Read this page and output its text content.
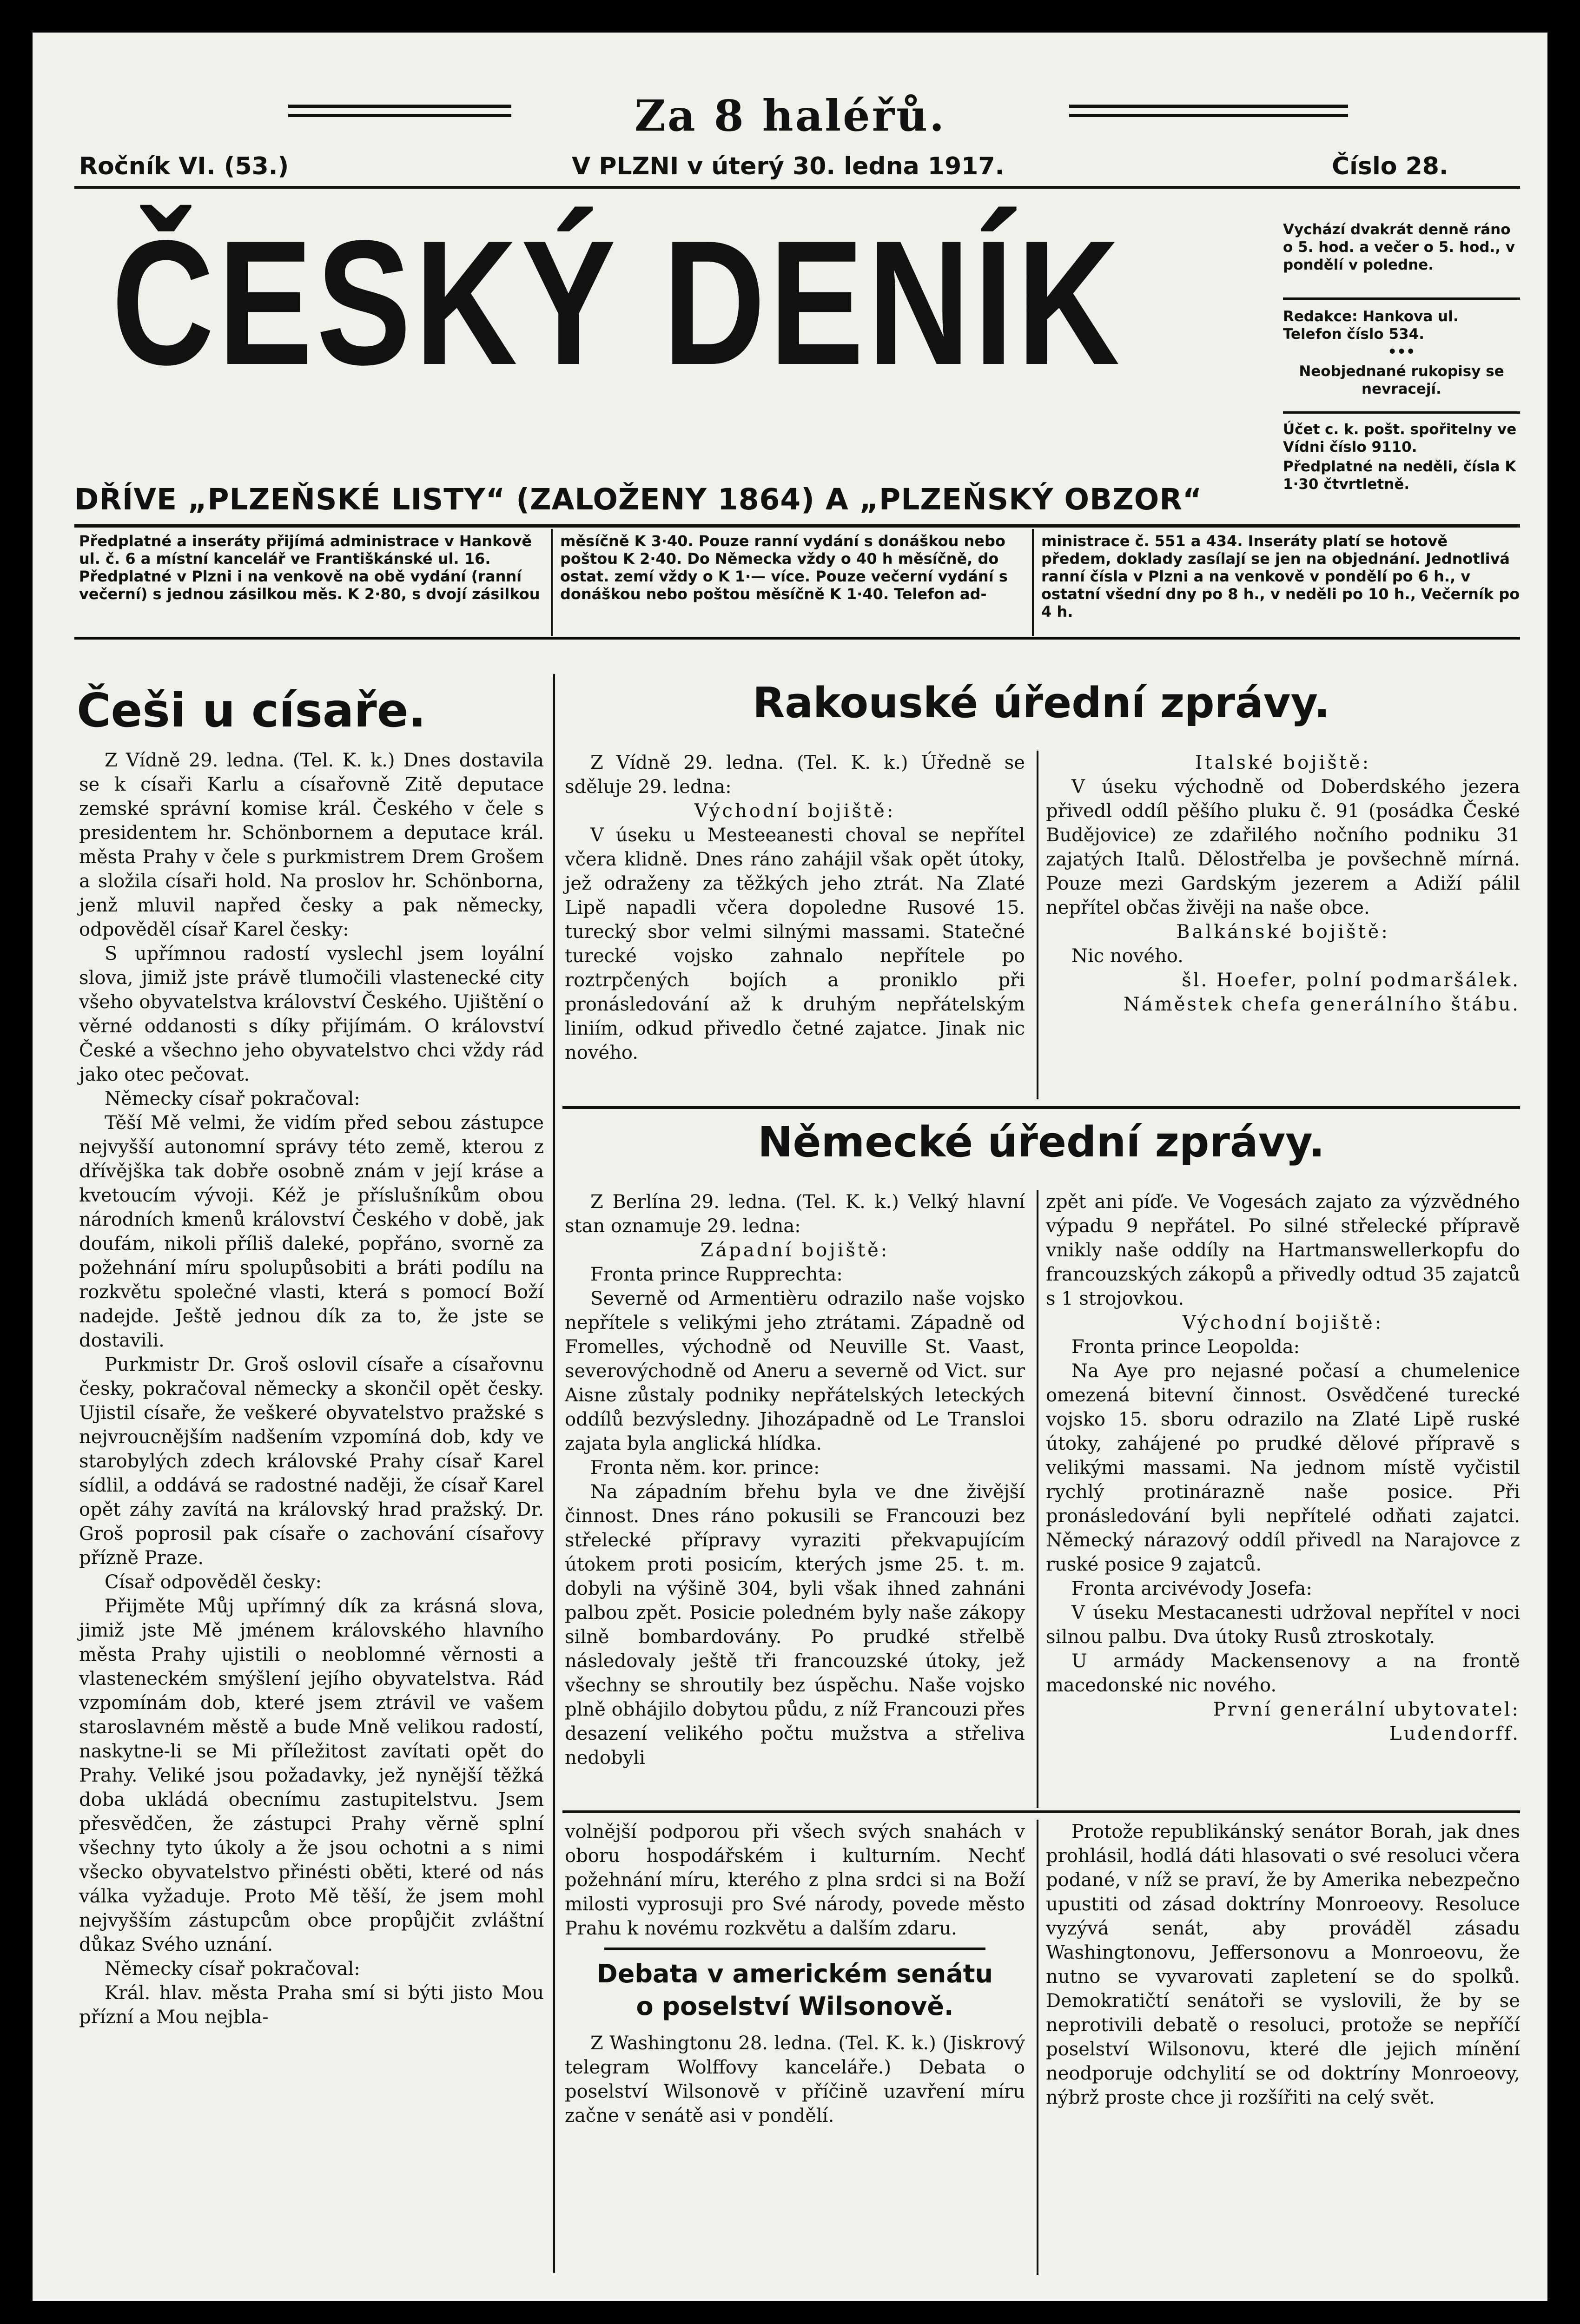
Za 8 haléřů.
Ročník VI. (53.)	V PLZNI v úterý 30. ledna 1917.	Číslo 28.
ČESKÝ DENÍK
DŘÍVE „PLZEŇSKÉ LISTY“ (ZALOŽENY 1864) A „PLZEŇSKÝ OBZOR“
Vychází dvakrát denně ráno o 5. hod. a večer o 5. hod., v pondělí v poledne.
Redakce: Hankova ul. Telefon číslo 534.
•••
Neobjednané rukopisy se nevracejí.
Účet c. k. pošt. spořitelny ve Vídni číslo 9110.
Předplatné na neděli, čísla K 1·30 čtvrtletně.
Předplatné a inseráty přijímá administrace v Hankově ul. č. 6 a místní kancelář ve Františkánské ul. 16. Předplatné v Plzni i na venkově na obě vydání (ranní večerní) s jednou zásilkou měs. K 2·80, s dvojí zásilkou
měsíčně K 3·40. Pouze ranní vydání s donáškou nebo poštou K 2·40. Do Německa vždy o 40 h měsíčně, do ostat. zemí vždy o K 1·— více. Pouze večerní vydání s donáškou nebo poštou měsíčně K 1·40. Telefon ad-
ministrace č. 551 a 434. Inseráty platí se hotově předem, doklady zasílají se jen na objednání. Jednotlivá ranní čísla v Plzni a na venkově v pondělí po 6 h., v ostatní všední dny po 8 h., v neděli po 10 h., Večerník po 4 h.
Češi u císaře.

Z Vídně 29. ledna. (Tel. K. k.) Dnes dostavila se k císaři Karlu a císařovně Zitě deputace zemské správní komise král. Českého v čele s presidentem hr. Schönbornem a deputace král. města Prahy v čele s purkmistrem Drem Grošem a složila císaři hold. Na proslov hr. Schönborna, jenž mluvil napřed česky a pak německy, odpověděl císař Karel česky:

S upřímnou radostí vyslechl jsem loyální slova, jimiž jste právě tlumočili vlastenecké city všeho obyvatelstva království Českého. Ujištění o věrné oddanosti s díky přijímám. O království České a všechno jeho obyvatelstvo chci vždy rád jako otec pečovat.

Německy císař pokračoval:

Těší Mě velmi, že vidím před sebou zástupce nejvyšší autonomní správy této země, kterou z dřívějška tak dobře osobně znám v její kráse a kvetoucím vývoji. Kéž je příslušníkům obou národních kmenů království Českého v době, jak doufám, nikoli příliš daleké, popřáno, svorně za požehnání míru spolupůsobiti a bráti podílu na rozkvětu společné vlasti, která s pomocí Boží nadejde. Ještě jednou dík za to, že jste se dostavili.

Purkmistr Dr. Groš oslovil císaře a císařovnu česky, pokračoval německy a skončil opět česky. Ujistil císaře, že veškeré obyvatelstvo pražské s nejvroucnějším nadšením vzpomíná dob, kdy ve starobylých zdech královské Prahy císař Karel sídlil, a oddává se radostné naději, že císař Karel opět záhy zavítá na královský hrad pražský. Dr. Groš poprosil pak císaře o zachování císařovy přízně Praze.

Císař odpověděl česky:

Přijměte Můj upřímný dík za krásná slova, jimiž jste Mě jménem královského hlavního města Prahy ujistili o neoblomné věrnosti a vlasteneckém smýšlení jejího obyvatelstva. Rád vzpomínám dob, které jsem ztrávil ve vašem staroslavném městě a bude Mně velikou radostí, naskytne-li se Mi příležitost zavítati opět do Prahy. Veliké jsou požadavky, jež nynější těžká doba ukládá obecnímu zastupitelstvu. Jsem přesvědčen, že zástupci Prahy věrně splní všechny tyto úkoly a že jsou ochotni a s nimi všecko obyvatelstvo přinésti oběti, které od nás válka vyžaduje. Proto Mě těší, že jsem mohl nejvyšším zástupcům obce propůjčit zvláštní důkaz Svého uznání.

Německy císař pokračoval:

Král. hlav. města Praha smí si býti jisto Mou přízní a Mou nejbla-

Rakouské úřední zprávy.

Z Vídně 29. ledna. (Tel. K. k.) Úředně se sděluje 29. ledna:

Východní bojiště:

V úseku u Mesteeanesti choval se nepřítel včera klidně. Dnes ráno zahájil však opět útoky, jež odraženy za těžkých jeho ztrát. Na Zlaté Lipě napadli včera dopoledne Rusové 15. turecký sbor velmi silnými massami. Statečné turecké vojsko zahnalo nepřítele po roztrpčených bojích a proniklo při pronásledování až k druhým nepřátelským liniím, odkud přivedlo četné zajatce. Jinak nic nového.

Italské bojiště:

V úseku východně od Doberdského jezera přivedl oddíl pěšího pluku č. 91 (posádka České Budějovice) ze zdařilého nočního podniku 31 zajatých Italů. Dělostřelba je povšechně mírná. Pouze mezi Gardským jezerem a Adiží pálil nepřítel občas živěji na naše obce.

Balkánské bojiště:

Nic nového.

šl. Hoefer, polní podmaršálek.

Náměstek chefa generálního štábu.

Německé úřední zprávy.

Z Berlína 29. ledna. (Tel. K. k.) Velký hlavní stan oznamuje 29. ledna:

Západní bojiště:

Fronta prince Rupprechta:

Severně od Armentièru odrazilo naše vojsko nepřítele s velikými jeho ztrátami. Západně od Fromelles, východně od Neuville St. Vaast, severovýchodně od Aneru a severně od Vict. sur Aisne zůstaly podniky nepřátelských leteckých oddílů bezvýsledny. Jihozápadně od Le Transloi zajata byla anglická hlídka.

Fronta něm. kor. prince:

Na západním břehu byla ve dne živější činnost. Dnes ráno pokusili se Francouzi bez střelecké přípravy vyraziti překvapujícím útokem proti posicím, kterých jsme 25. t. m. dobyli na výšině 304, byli však ihned zahnáni palbou zpět. Posicie poledném byly naše zákopy silně bombardovány. Po prudké střelbě následovaly ještě tři francouzské útoky, jež všechny se shroutily bez úspěchu. Naše vojsko plně obhájilo dobytou půdu, z níž Francouzi přes desazení velikého počtu mužstva a střeliva nedobyli

zpět ani píďe. Ve Vogesách zajato za výzvědného výpadu 9 nepřátel. Po silné střelecké přípravě vnikly naše oddíly na Hartmanswellerkopfu do francouzských zákopů a přivedly odtud 35 zajatců s 1 strojovkou.

Východní bojiště:

Fronta prince Leopolda:

Na Aye pro nejasné počasí a chumelenice omezená bitevní činnost. Osvědčené turecké vojsko 15. sboru odrazilo na Zlaté Lipě ruské útoky, zahájené po prudké dělové přípravě s velikými massami. Na jednom místě vyčistil rychlý protinárazně naše posice. Při pronásledování byli nepřítelé odňati zajatci. Německý nárazový oddíl přivedl na Narajovce z ruské posice 9 zajatců.

Fronta arcivévody Josefa:

V úseku Mestacanesti udržoval nepřítel v noci silnou palbu. Dva útoky Rusů ztroskotaly.

U armády Mackensenovy a na frontě macedonské nic nového.

První generální ubytovatel:

Ludendorff.

volnější podporou při všech svých snahách v oboru hospodářském i kulturním. Nechť požehnání míru, kterého z plna srdci si na Boží milosti vyprosuji pro Své národy, povede město Prahu k novému rozkvětu a dalším zdaru.

Debata v americkém senátu
o poselství Wilsonově.

Z Washingtonu 28. ledna. (Tel. K. k.) (Jiskrový telegram Wolffovy kanceláře.) Debata o poselství Wilsonově v příčině uzavření míru začne v senátě asi v pondělí.

Protože republikánský senátor Borah, jak dnes prohlásil, hodlá dáti hlasovati o své resoluci včera podané, v níž se praví, že by Amerika nebezpečno upustiti od zásad doktríny Monroeovy. Resoluce vyzývá senát, aby prováděl zásadu Washingtonovu, Jeffersonovu a Monroeovu, že nutno se vyvarovati zapletení se do spolků. Demokratičtí senátoři se vyslovili, že by se neprotivili debatě o resoluci, protože se nepříčí poselství Wilsonovu, které dle jejich mínění neodporuje odchylití se od doktríny Monroeovy, nýbrž proste chce ji rozšířiti na celý svět.
